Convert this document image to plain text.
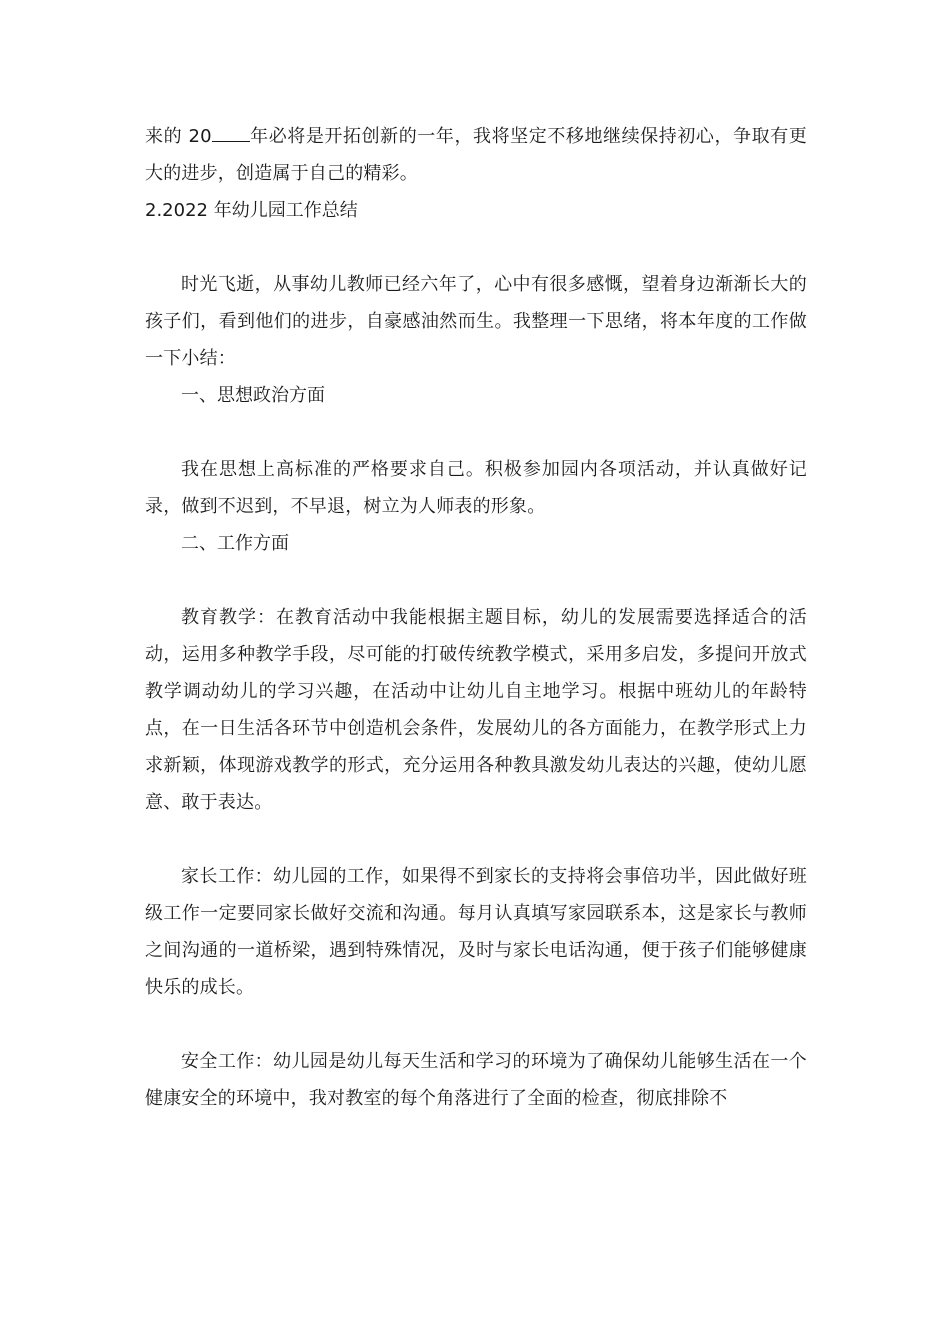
来的 20 年必将是开拓创新的一年，我将坚定不移地继续保持初心，争取有更大的进步，创造属于自己的精彩。

2.2022 年幼儿园工作总结

时光飞逝，从事幼儿教师已经六年了，心中有很多感慨，望着身边渐渐长大的孩子们，看到他们的进步，自豪感油然而生。我整理一下思绪，将本年度的工作做一下小结：

一、思想政治方面

我在思想上高标准的严格要求自己。积极参加园内各项活动，并认真做好记录，做到不迟到，不早退，树立为人师表的形象。

二、工作方面

教育教学：在教育活动中我能根据主题目标，幼儿的发展需要选择适合的活动，运用多种教学手段，尽可能的打破传统教学模式，采用多启发，多提问开放式教学调动幼儿的学习兴趣，在活动中让幼儿自主地学习。根据中班幼儿的年龄特点，在一日生活各环节中创造机会条件，发展幼儿的各方面能力，在教学形式上力求新颖，体现游戏教学的形式，充分运用各种教具激发幼儿表达的兴趣，使幼儿愿意、敢于表达。

家长工作：幼儿园的工作，如果得不到家长的支持将会事倍功半，因此做好班级工作一定要同家长做好交流和沟通。每月认真填写家园联系本，这是家长与教师之间沟通的一道桥梁，遇到特殊情况，及时与家长电话沟通，便于孩子们能够健康快乐的成长。

安全工作：幼儿园是幼儿每天生活和学习的环境为了确保幼儿能够生活在一个健康安全的环境中，我对教室的每个角落进行了全面的检查，彻底排除不
